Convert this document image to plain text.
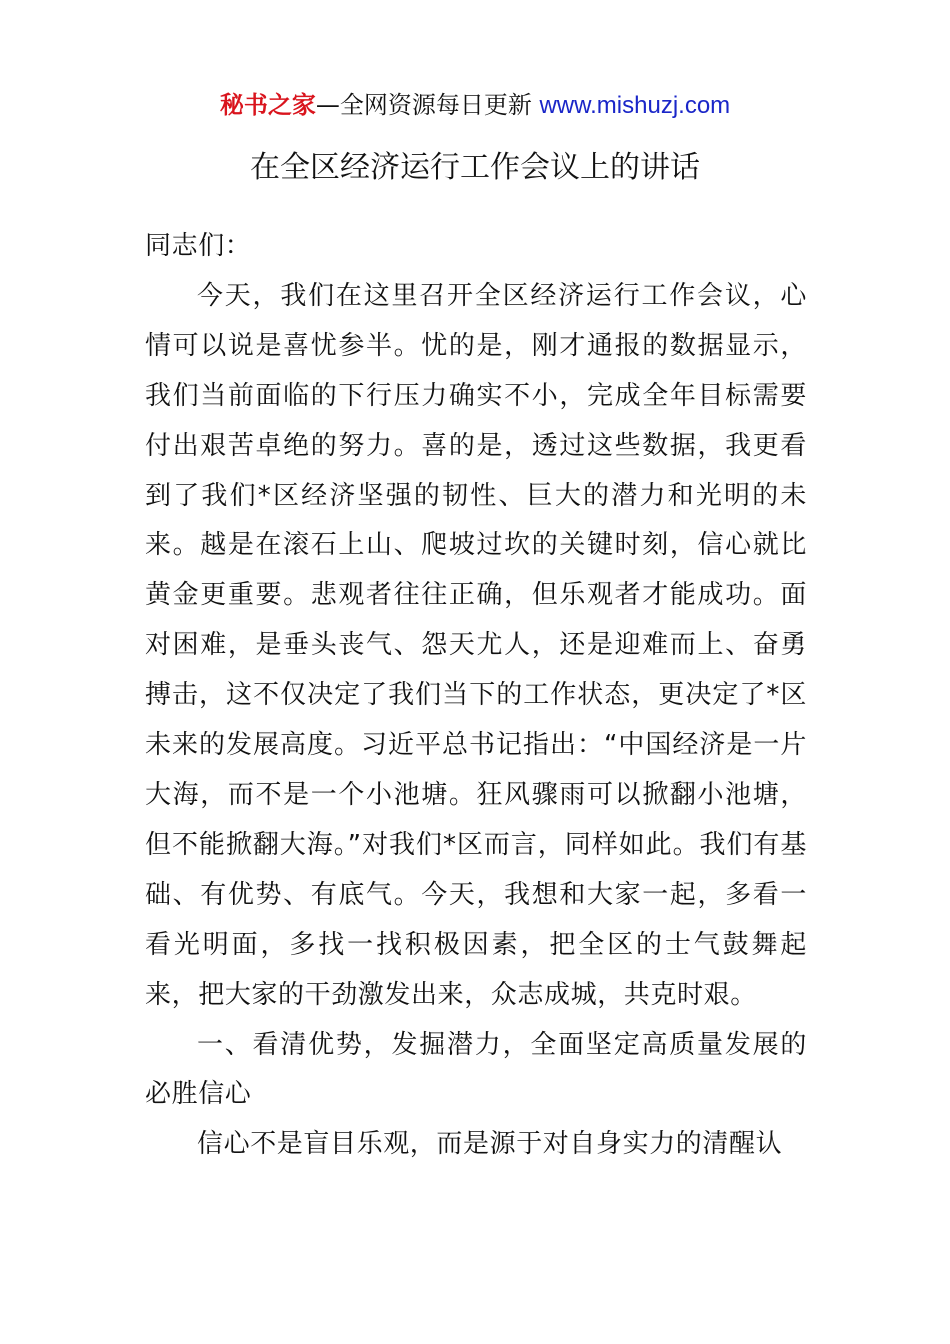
秘书之家—全网资源每日更新 www.mishuzj.com
在全区经济运行工作会议上的讲话

同志们：

今天，我们在这里召开全区经济运行工作会议，心情可以说是喜忧参半。忧的是，刚才通报的数据显示，我们当前面临的下行压力确实不小，完成全年目标需要付出艰苦卓绝的努力。喜的是，透过这些数据，我更看到了我们*区经济坚强的韧性、巨大的潜力和光明的未来。越是在滚石上山、爬坡过坎的关键时刻，信心就比黄金更重要。悲观者往往正确，但乐观者才能成功。面对困难，是垂头丧气、怨天尤人，还是迎难而上、奋勇搏击，这不仅决定了我们当下的工作状态，更决定了*区未来的发展高度。习近平总书记指出：“中国经济是一片大海，而不是一个小池塘。狂风骤雨可以掀翻小池塘，但不能掀翻大海。”对我们*区而言，同样如此。我们有基础、有优势、有底气。今天，我想和大家一起，多看一看光明面，多找一找积极因素，把全区的士气鼓舞起来，把大家的干劲激发出来，众志成城，共克时艰。

一、看清优势，发掘潜力，全面坚定高质量发展的必胜信心

信心不是盲目乐观，而是源于对自身实力的清醒认
